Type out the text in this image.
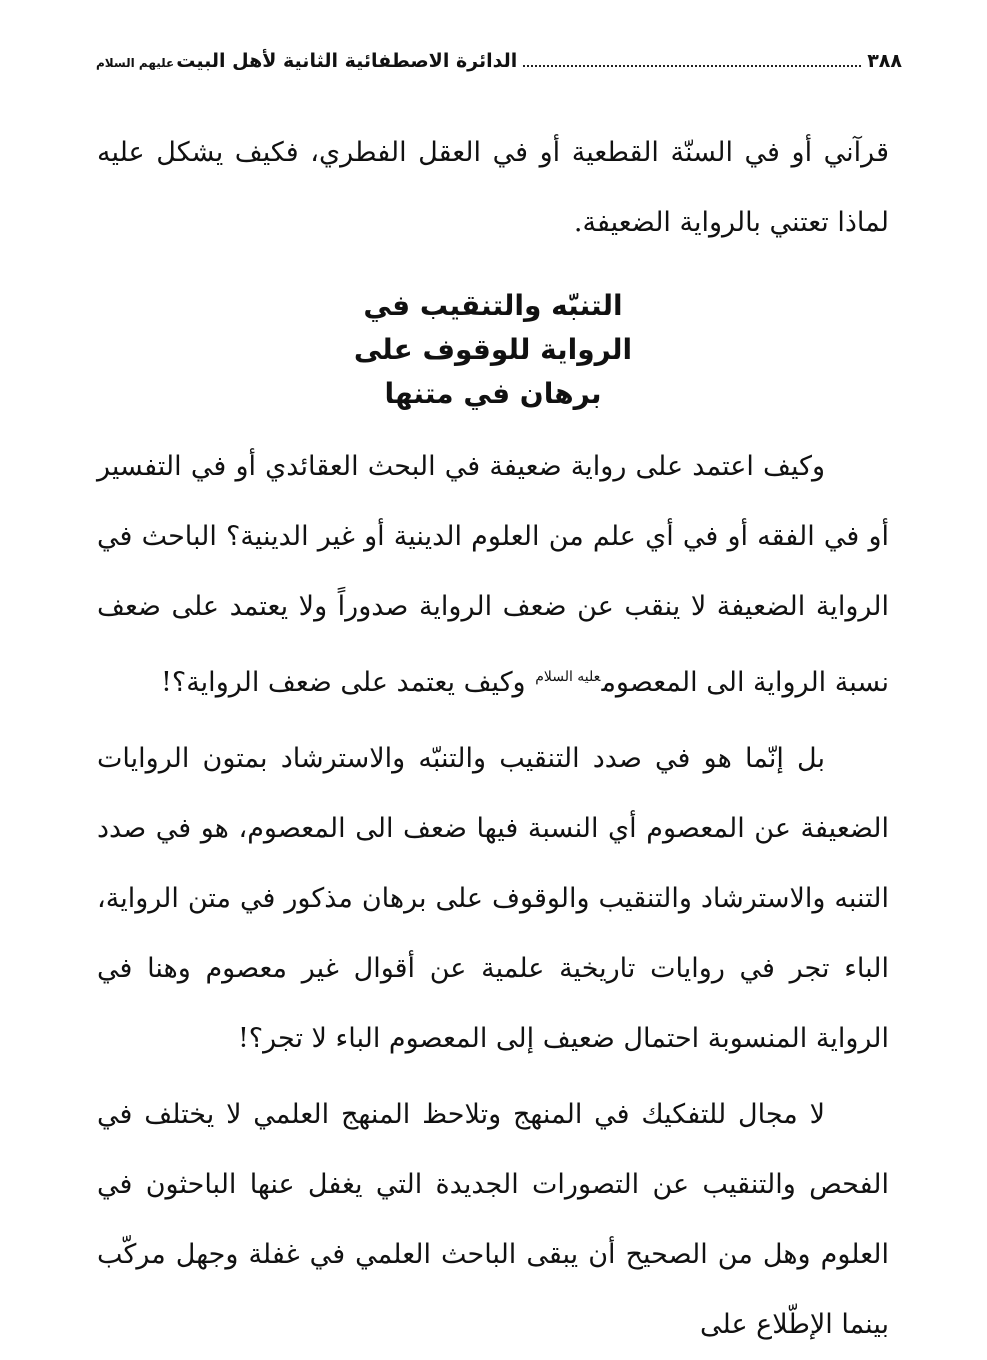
٣٨٨
الدائرة الاصطفائية الثانية لأهل البيت
عليهم السلام

قرآني أو في السنّة القطعية أو في العقل الفطري، فكيف يشكل عليه لماذا تعتني بالرواية الضعيفة.

التنبّه والتنقيب في
الرواية للوقوف على
برهان في متنها

وكيف اعتمد على رواية ضعيفة في البحث العقائدي أو في التفسير أو في الفقه أو في أي علم من العلوم الدينية أو غير الدينية؟ الباحث في الرواية الضعيفة لا ينقب عن ضعف الرواية صدوراً ولا يعتمد على ضعف نسبة الرواية الى المعصوم$^{عليه السلام}$ وكيف يعتمد على ضعف الرواية؟!

بل إنّما هو في صدد التنقيب والتنبّه والاسترشاد بمتون الروايات الضعيفة عن المعصوم أي النسبة فيها ضعف الى المعصوم، هو في صدد التنبه والاسترشاد والتنقيب والوقوف على برهان مذكور في متن الرواية، الباء تجر في روايات تاريخية علمية عن أقوال غير معصوم وهنا في الرواية المنسوبة احتمال ضعيف إلى المعصوم الباء لا تجر؟!

لا مجال للتفكيك في المنهج وتلاحظ المنهج العلمي لا يختلف في الفحص والتنقيب عن التصورات الجديدة التي يغفل عنها الباحثون في العلوم وهل من الصحيح أن يبقى الباحث العلمي في غفلة وجهل مركّب بينما الإطّلاع على
